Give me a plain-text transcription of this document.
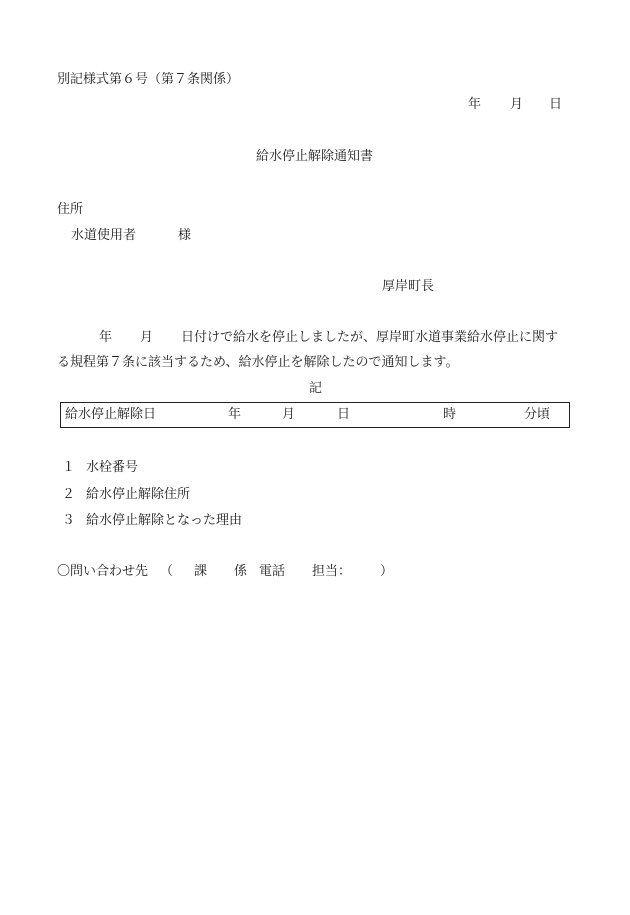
別記様式第６号（第７条関係）
年 月 日
給水停止解除通知書
住所
水道使用者	様
厚岸町長
年 月 日付けで給水を停止しましたが、厚岸町水道事業給水停止に関す
る規程第７条に該当するため、給水停止を解除したので通知します。
記
給水停止解除日	年	月	日	時	分頃
１ 水栓番号
２ 給水停止解除住所
３ 給水停止解除となった理由
〇問い合わせ先 （ 課 係 電話 担当： ）
